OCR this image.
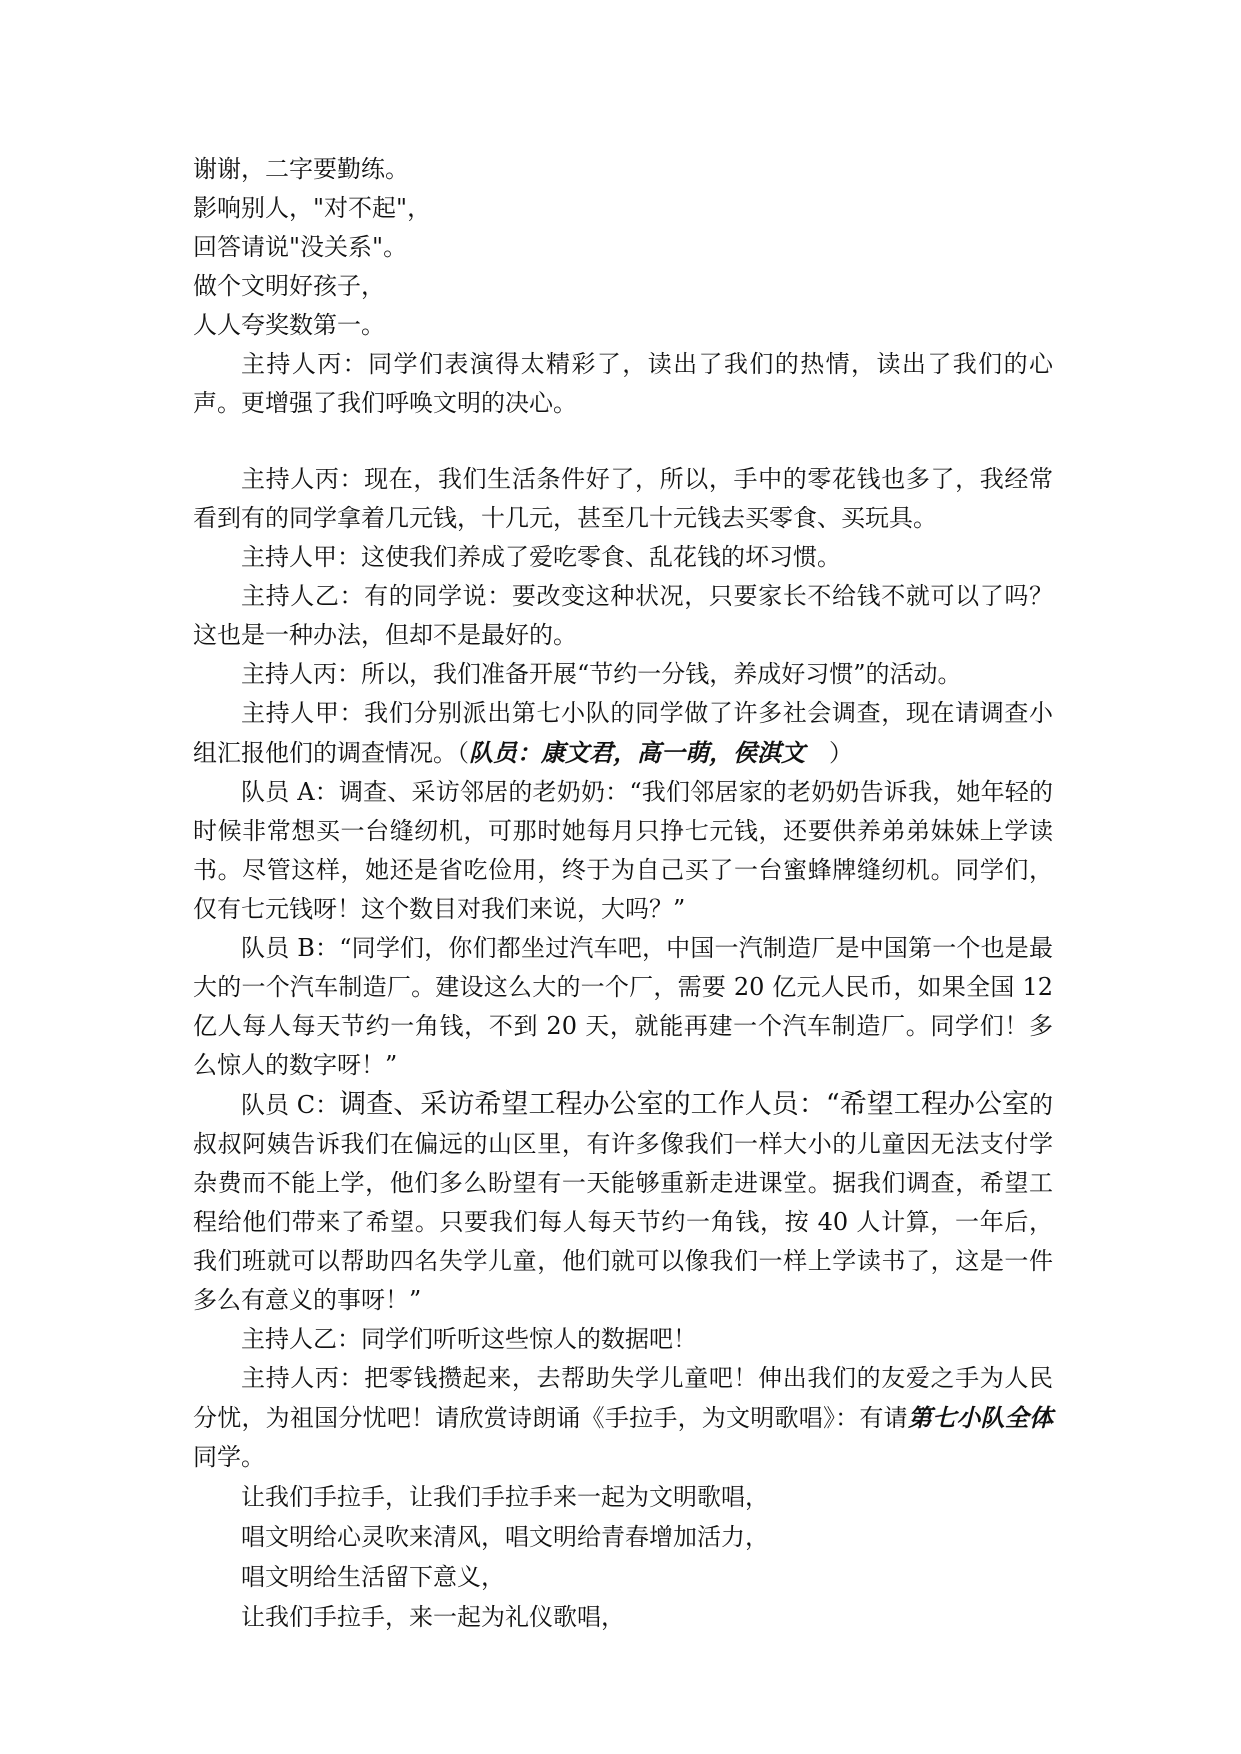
谢谢，二字要勤练。

影响别人，"对不起"，

回答请说"没关系"。

做个文明好孩子，

人人夸奖数第一。

主持人丙：同学们表演得太精彩了，读出了我们的热情，读出了我们的心声。更增强了我们呼唤文明的决心。

主持人丙：现在，我们生活条件好了，所以，手中的零花钱也多了，我经常看到有的同学拿着几元钱，十几元，甚至几十元钱去买零食、买玩具。

主持人甲：这使我们养成了爱吃零食、乱花钱的坏习惯。

主持人乙：有的同学说：要改变这种状况，只要家长不给钱不就可以了吗？这也是一种办法，但却不是最好的。

主持人丙：所以，我们准备开展“节约一分钱，养成好习惯”的活动。

主持人甲：我们分别派出第七小队的同学做了许多社会调查，现在请调查小组汇报他们的调查情况。（队员：康文君，高一萌，侯淇文　）

队员 A：调查、采访邻居的老奶奶：“我们邻居家的老奶奶告诉我，她年轻的时候非常想买一台缝纫机，可那时她每月只挣七元钱，还要供养弟弟妹妹上学读书。尽管这样，她还是省吃俭用，终于为自己买了一台蜜蜂牌缝纫机。同学们，仅有七元钱呀！这个数目对我们来说，大吗？”

队员 B：“同学们，你们都坐过汽车吧，中国一汽制造厂是中国第一个也是最大的一个汽车制造厂。建设这么大的一个厂，需要 20 亿元人民币，如果全国 12 亿人每人每天节约一角钱，不到 20 天，就能再建一个汽车制造厂。同学们！多么惊人的数字呀！”

队员 C：调查、采访希望工程办公室的工作人员：“希望工程办公室的叔叔阿姨告诉我们在偏远的山区里，有许多像我们一样大小的儿童因无法支付学杂费而不能上学，他们多么盼望有一天能够重新走进课堂。据我们调查，希望工程给他们带来了希望。只要我们每人每天节约一角钱，按 40 人计算，一年后，我们班就可以帮助四名失学儿童，他们就可以像我们一样上学读书了，这是一件多么有意义的事呀！”

主持人乙：同学们听听这些惊人的数据吧！

主持人丙：把零钱攒起来，去帮助失学儿童吧！伸出我们的友爱之手为人民分忧，为祖国分忧吧！请欣赏诗朗诵《手拉手，为文明歌唱》：有请第七小队全体同学。

让我们手拉手，让我们手拉手来一起为文明歌唱，

唱文明给心灵吹来清风，唱文明给青春增加活力，

唱文明给生活留下意义，

让我们手拉手，来一起为礼仪歌唱，
